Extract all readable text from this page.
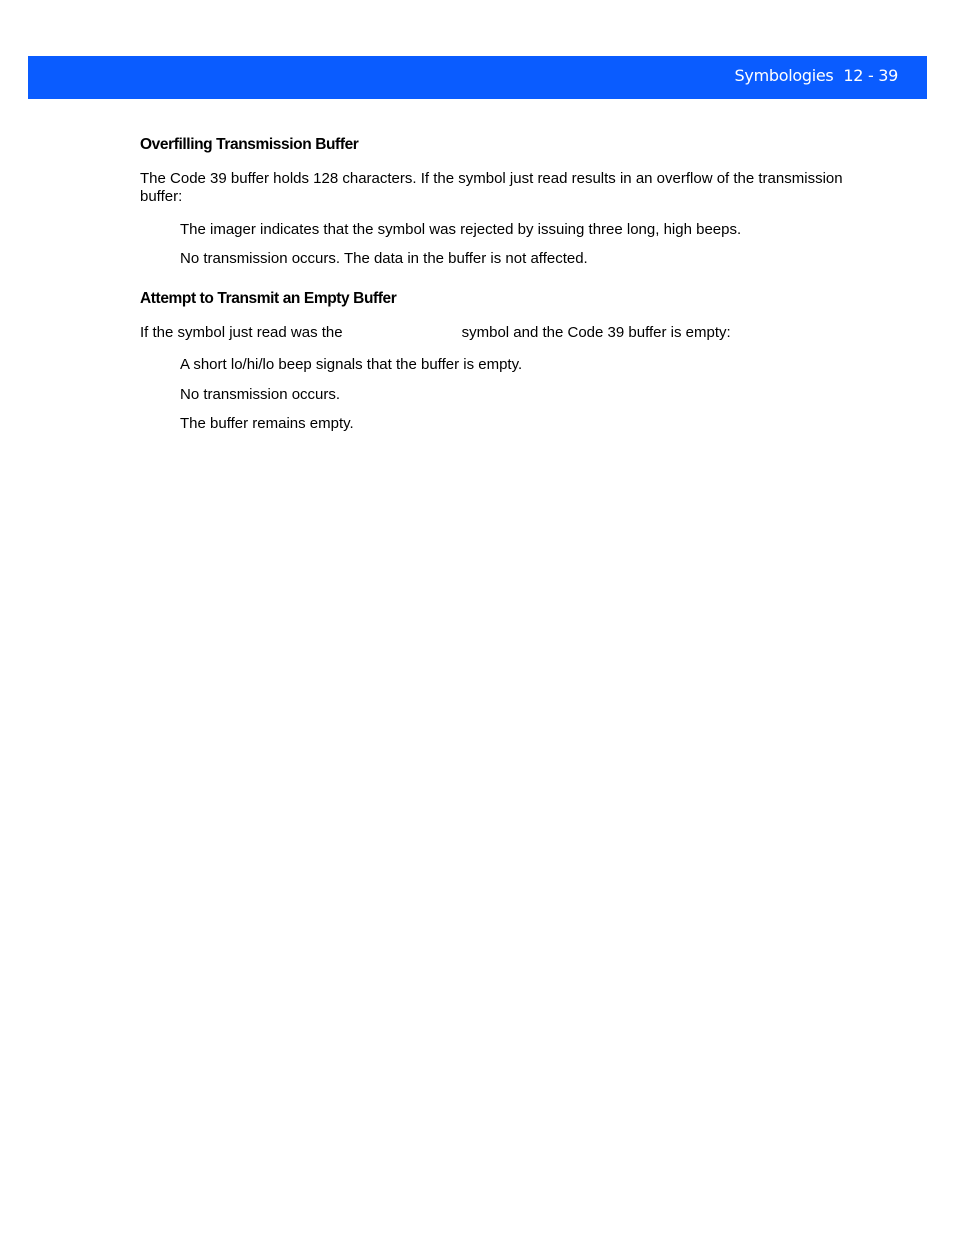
Symbologies 12 - 39
Overfilling Transmission Buffer
The Code 39 buffer holds 128 characters. If the symbol just read results in an overflow of the transmission buffer:
The imager indicates that the symbol was rejected by issuing three long, high beeps.
No transmission occurs. The data in the buffer is not affected.
Attempt to Transmit an Empty Buffer
If the symbol just read was the	symbol and the Code 39 buffer is empty:
A short lo/hi/lo beep signals that the buffer is empty.
No transmission occurs.
The buffer remains empty.
